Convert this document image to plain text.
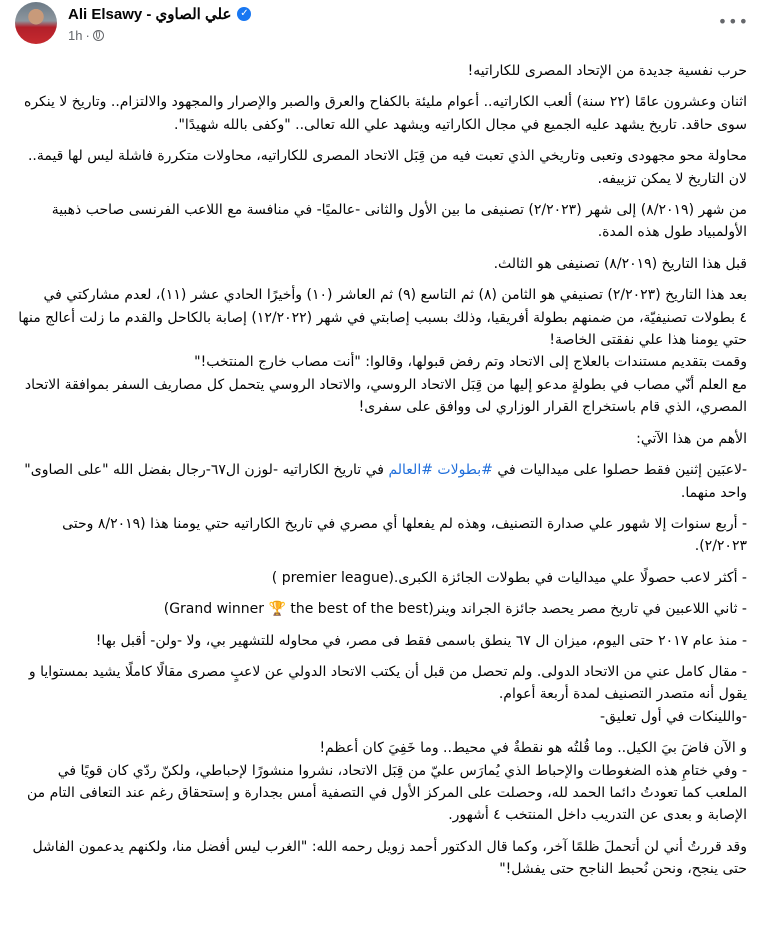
Ali Elsawy - علي الصاوي ✓
1h ·
•••
حرب نفسية جديدة من الإتحاد المصرى للكاراتيه!
اثنان وعشرون عامًا (٢٢ سنة) ألعب الكاراتيه.. أعوام مليئة بالكفاح والعرق والصبر والإصرار والمجهود والالتزام.. وتاريخ لا ينكره سوى حاقد. تاريخ يشهد عليه الجميع في مجال الكاراتيه ويشهد علي الله تعالى.. "وكفى بالله شهيدًا".
محاولة محو مجهودى وتعبى وتاريخي الذي تعبت فيه من قِبَل الاتحاد المصرى للكاراتيه، محاولات متكررة فاشلة ليس لها قيمة.. لان التاريخ لا يمكن تزييفه.
من شهر (٨/٢٠١٩) إلى شهر (٢/٢٠٢٣) تصنيفى ما بين الأول والثانى -عالميًا- في منافسة مع اللاعب الفرنسى صاحب ذهبية الأولمبياد طول هذه المدة.
قبل هذا التاريخ (٨/٢٠١٩) تصنيفى هو الثالث.
بعد هذا التاريخ (٢/٢٠٢٣) تصنيفي هو الثامن (٨) ثم التاسع (٩) ثم العاشر (١٠) وأخيرًا الحادي عشر (١١)، لعدم مشاركتي في
٤ بطولات تصنيفيّة، من ضمنهم بطولة أفريقيا، وذلك بسبب إصابتي في شهر (١٢/٢٠٢٢) إصابة بالكاحل والقدم ما زلت أعالج منها حتي يومنا هذا علي نفقتى الخاصة!
وقمت بتقديم مستندات بالعلاج إلى الاتحاد وتم رفض قبولها، وقالوا: "أنت مصاب خارج المنتخب!"
مع العلم أنّي مصاب في بطولةٍ مدعو إليها من قِبَل الاتحاد الروسي، والاتحاد الروسي يتحمل كل مصاريف السفر بموافقة الاتحاد المصري، الذي قام باستخراج القرار الوزاري لى ووافق على سفرى!
الأهم من هذا الآتي:
-لاعبَين إثنين فقط حصلوا على ميداليات في #بطولات #العالم في تاريخ الكاراتيه -لوزن ال٦٧-رجال بفضل الله "على الصاوى" واحد منهما.
- أربع سنوات إلا شهور علي صدارة التصنيف، وهذه لم يفعلها أي مصري في تاريخ الكاراتيه حتي يومنا هذا (٨/٢٠١٩ وحتى ٢/٢٠٢٣).
- أكثر لاعب حصولًا علي ميداليات في بطولات الجائزة الكبرى.(premier league )
- ثاني اللاعبين في تاريخ مصر يحصد جائزة الجراند وينر(Grand winner 🏆 the best of the best)
- منذ عام ٢٠١٧ حتى اليوم، ميزان ال ٦٧ ينطق باسمى فقط فى مصر، في محاوله للتشهير بي، ولا -ولن- أقبل بها!
- مقال كامل عني من الاتحاد الدولى. ولم تحصل من قبل أن يكتب الاتحاد الدولي عن لاعبٍ مصرى مقالًا كاملًا يشيد بمستوايا و يقول أنه متصدر التصنيف لمدة أربعة أعوام.
-واللينكات في أول تعليق-
و الآن فاضَ بيَ الكيل.. وما قُلتُه هو نقطةٌ في محيط.. وما خَفِيَ كان أعظم!
- وفي ختامِ هذه الضغوطات والإحباط الذي يُمارَس عليّ من قِبَل الاتحاد، نشروا منشورًا لإحباطي، ولكنّ ردّي كان قويًا في الملعب كما تعودتُ دائما الحمد لله، وحصلت على المركز الأول في التصفية أمس بجدارة و إستحقاق رغم عند التعافى التام من الإصابة و بعدى عن التدريب داخل المنتخب ٤ أشهور.
وقد قررتُ أني لن أتحملَ ظلمًا آخر، وكما قال الدكتور أحمد زويل رحمه الله: "الغرب ليس أفضل منا، ولكنهم يدعمون الفاشل حتى ينجح، ونحن نُحبط الناجح حتى يفشل!"
